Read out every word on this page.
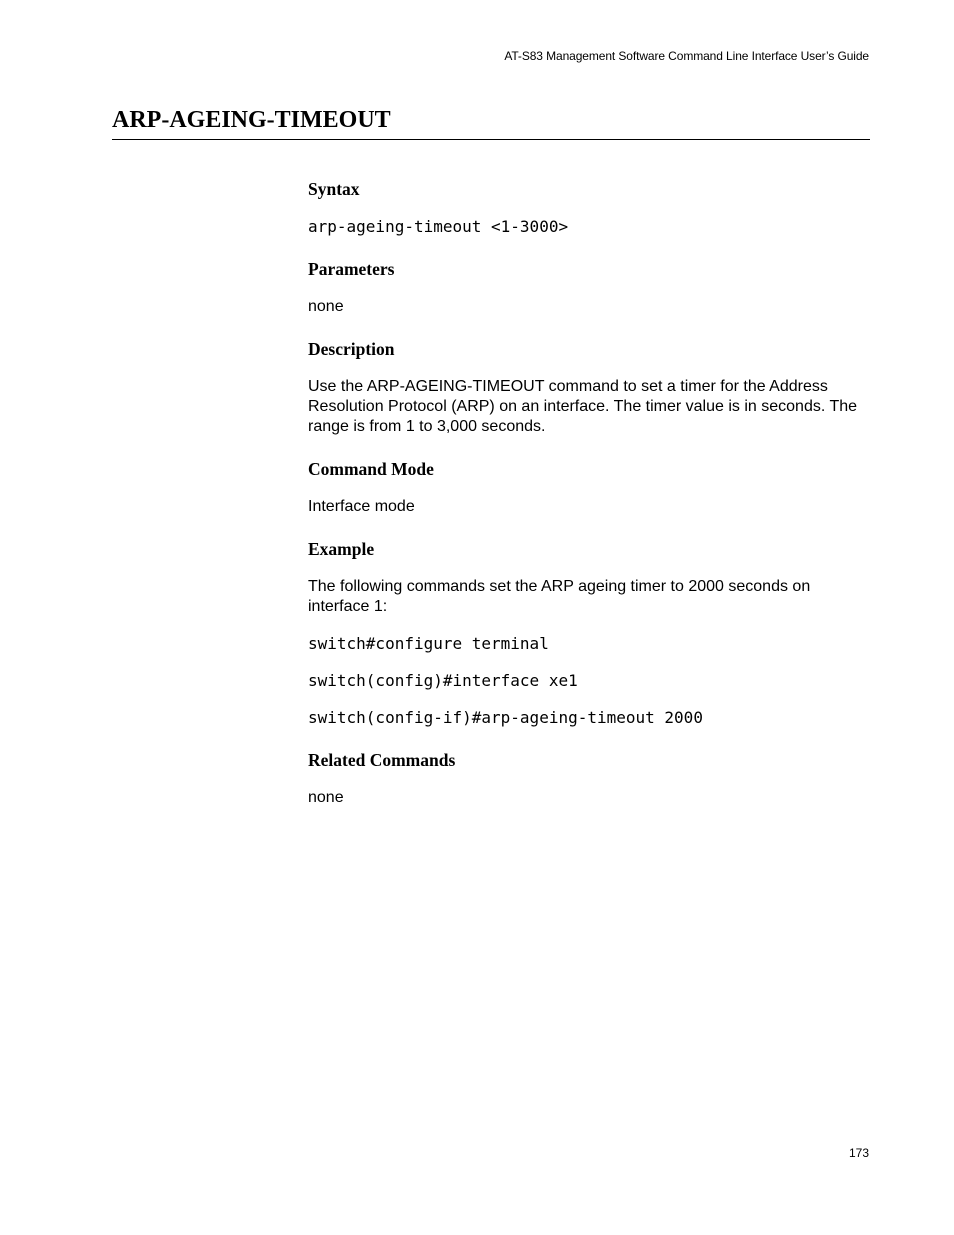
AT-S83 Management Software Command Line Interface User’s Guide
ARP-AGEING-TIMEOUT
Syntax
arp-ageing-timeout <1-3000>
Parameters

none

Description

Use the ARP-AGEING-TIMEOUT command to set a timer for the Address Resolution Protocol (ARP) on an interface. The timer value is in seconds. The range is from 1 to 3,000 seconds.

Command Mode

Interface mode

Example

The following commands set the ARP ageing timer to 2000 seconds on interface 1:

switch#configure terminal
switch(config)#interface xe1
switch(config-if)#arp-ageing-timeout 2000
Related Commands

none

173
